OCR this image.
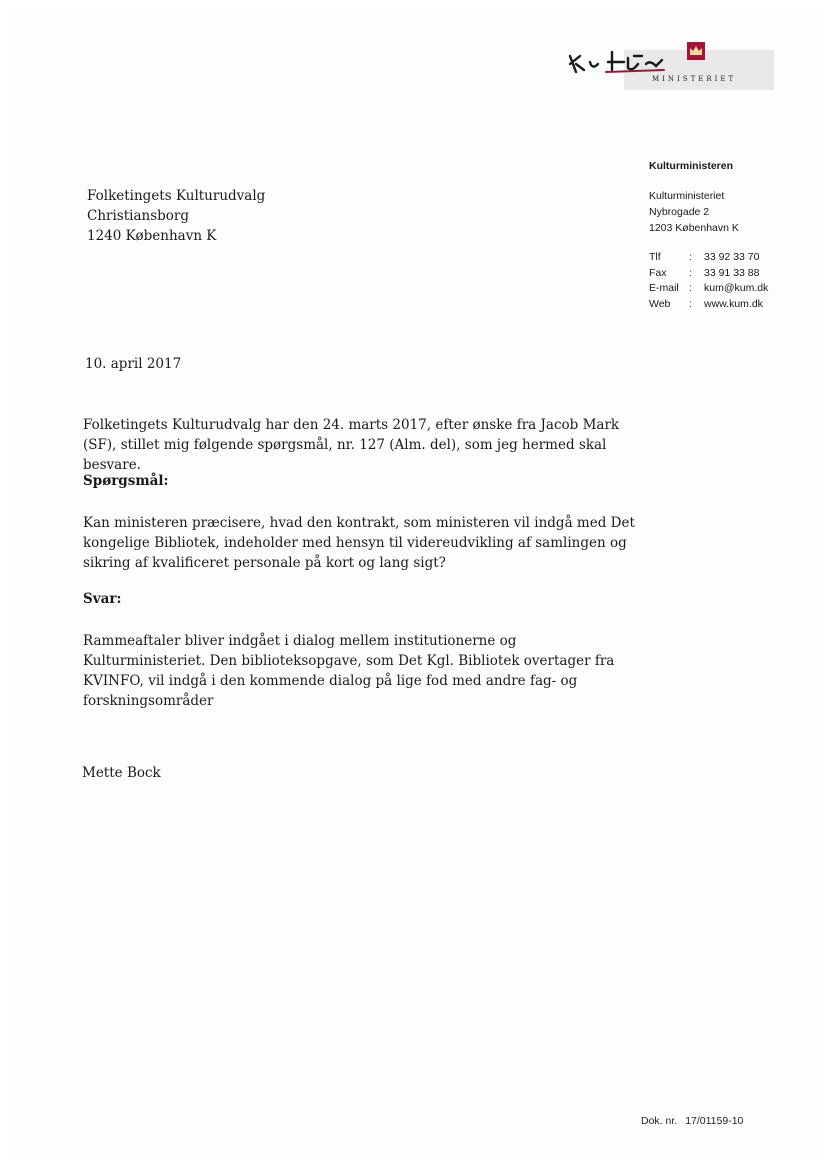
MINISTERIET
Kulturministeren
Kulturministeriet
Nybrogade 2
1203 København K
Tlf	:	33 92 33 70
Fax	:	33 91 33 88
E-mail	:	kum@kum.dk
Web	:	www.kum.dk
Folketingets Kulturudvalg
Christiansborg
1240 København K
10. april 2017
Folketingets Kulturudvalg har den 24. marts 2017, efter ønske fra Jacob Mark (SF), stillet mig følgende spørgsmål, nr. 127 (Alm. del), som jeg hermed skal besvare.
Spørgsmål:
Kan ministeren præcisere, hvad den kontrakt, som ministeren vil indgå med Det kongelige Bibliotek, indeholder med hensyn til videreudvikling af samlingen og sikring af kvalificeret personale på kort og lang sigt?
Svar:
Rammeaftaler bliver indgået i dialog mellem institutionerne og Kulturministeriet. Den biblioteksopgave, som Det Kgl. Bibliotek overtager fra KVINFO, vil indgå i den kommende dialog på lige fod med andre fag- og forskningsområder
Mette Bock
Dok. nr. 17/01159-10
